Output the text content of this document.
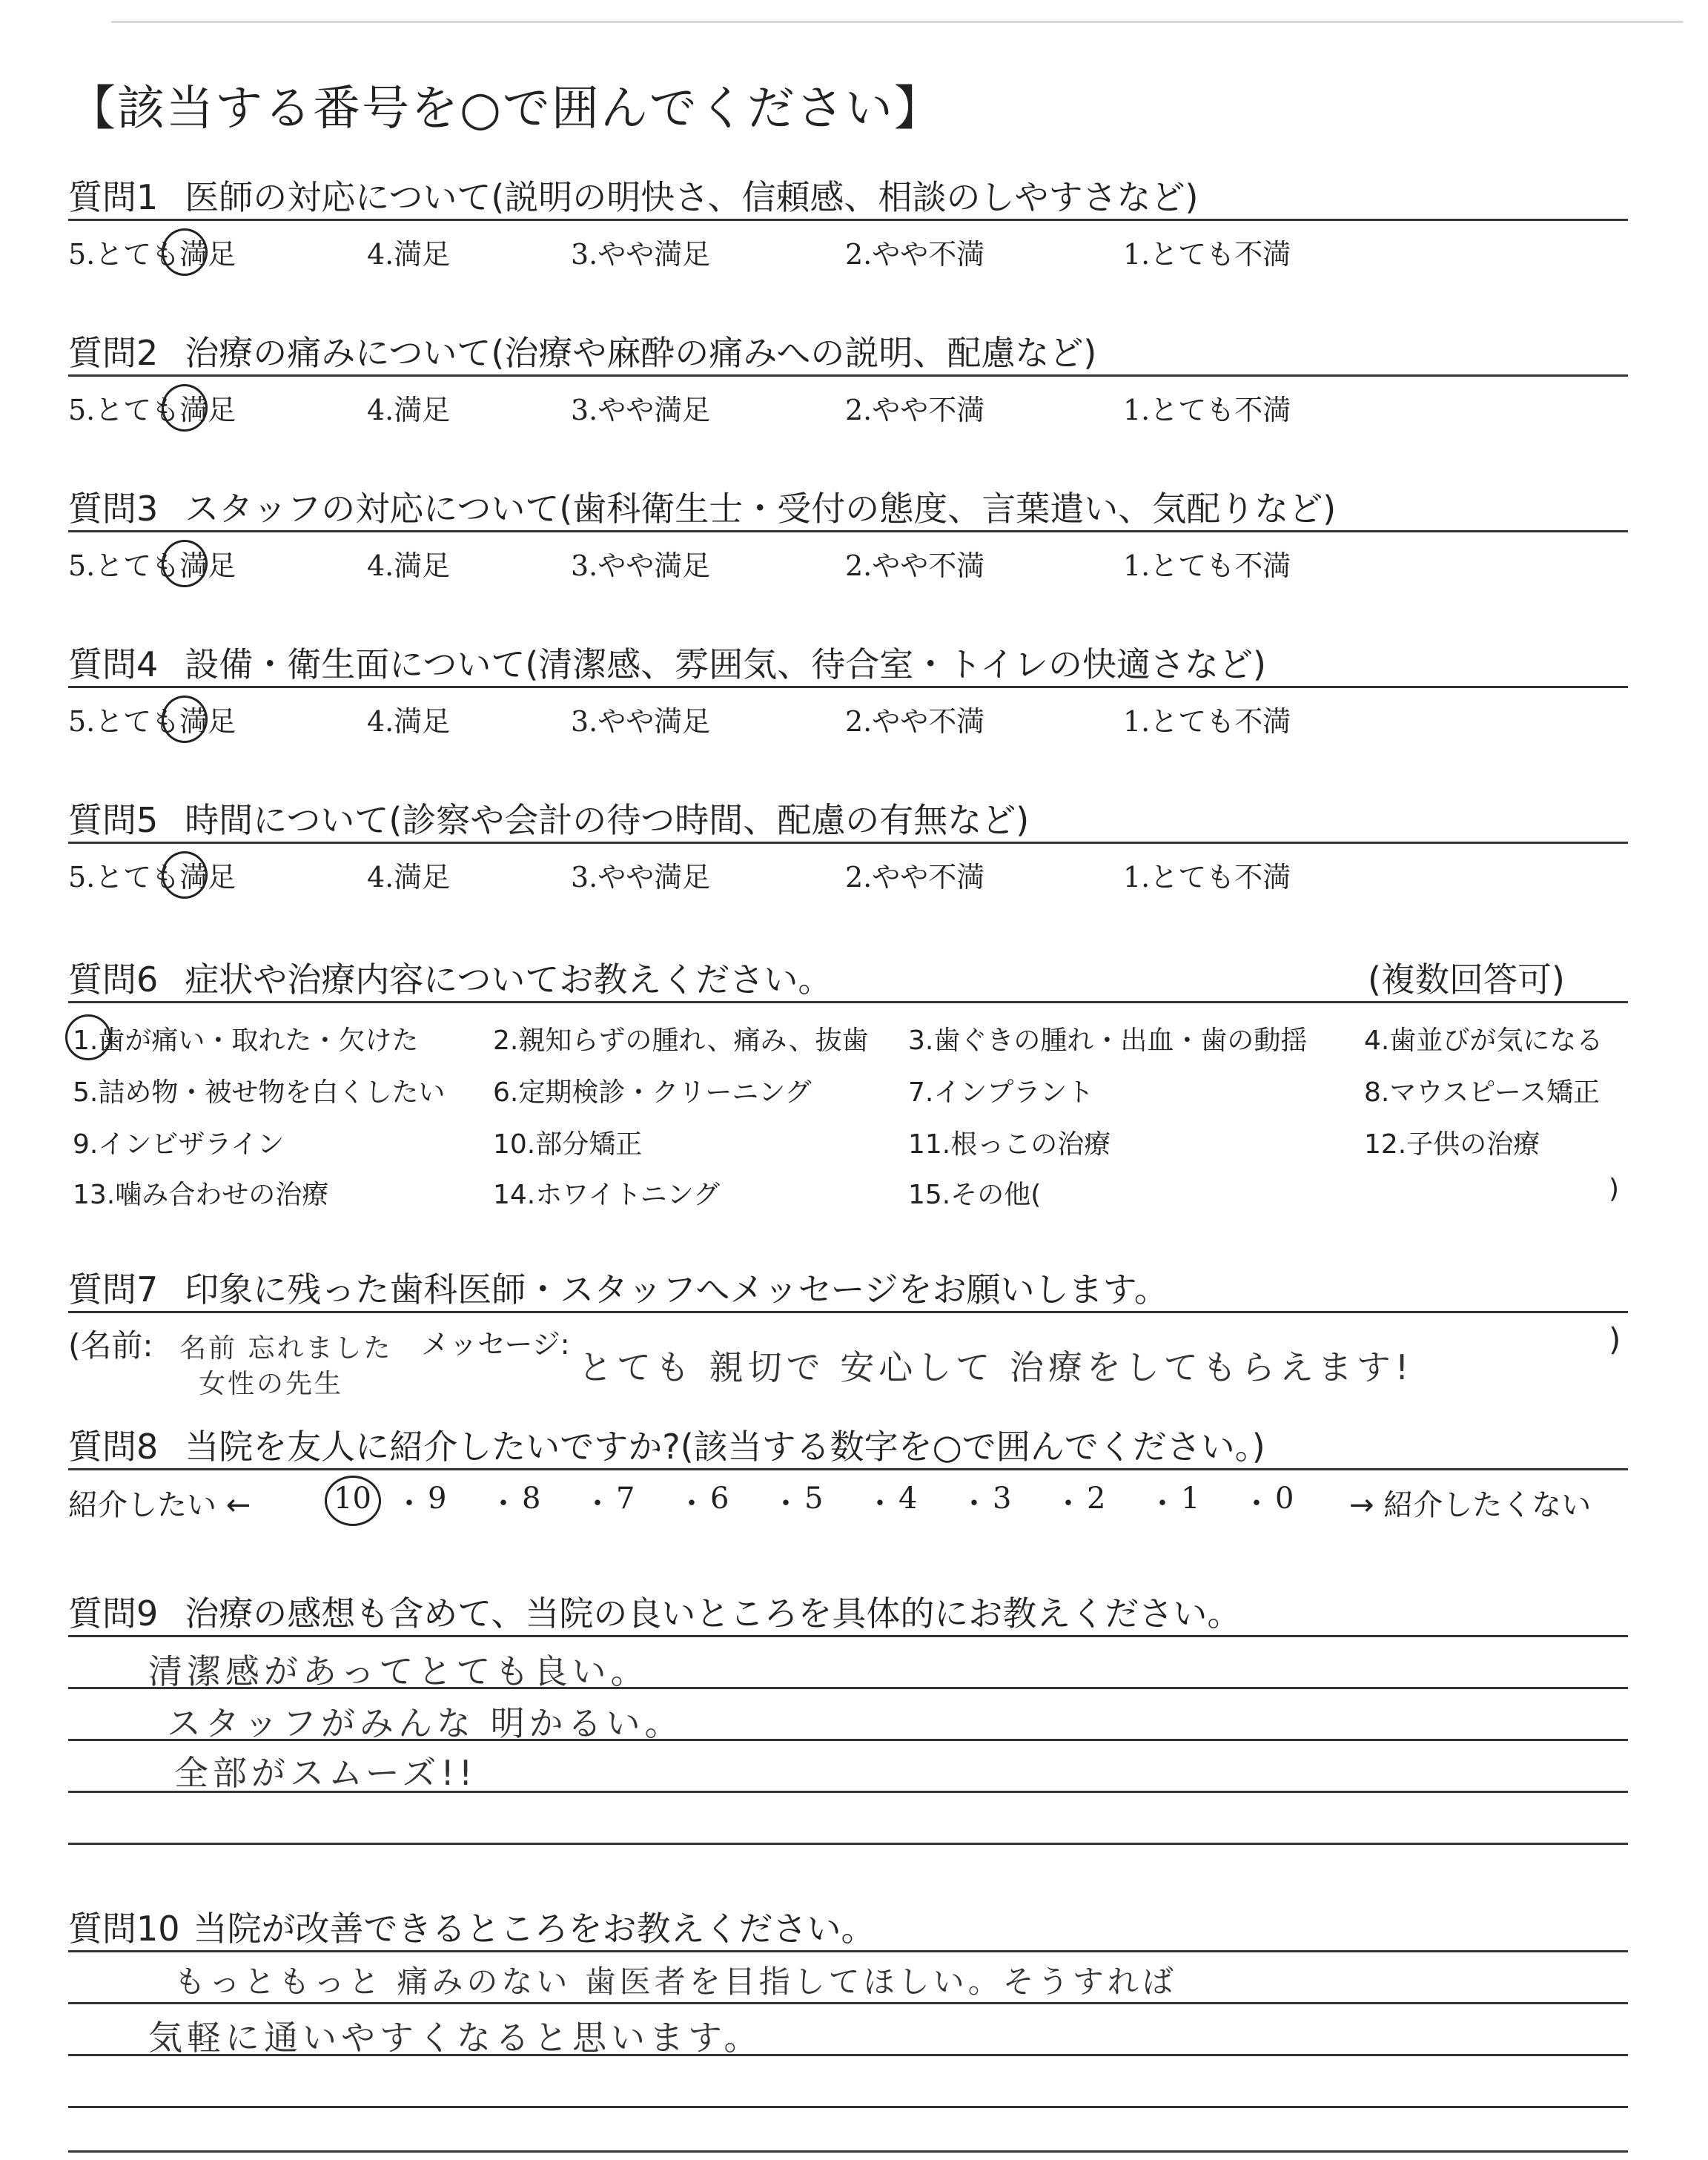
【該当する番号を○で囲んでください】
質問1 医師の対応について(説明の明快さ、信頼感、相談のしやすさなど)
5.とても満足	4.満足	3.やや満足	2.やや不満	1.とても不満
質問2 治療の痛みについて(治療や麻酔の痛みへの説明、配慮など)
5.とても満足	4.満足	3.やや満足	2.やや不満	1.とても不満
質問3 スタッフの対応について(歯科衛生士・受付の態度、言葉遣い、気配りなど)
5.とても満足	4.満足	3.やや満足	2.やや不満	1.とても不満
質問4 設備・衛生面について(清潔感、雰囲気、待合室・トイレの快適さなど)
5.とても満足	4.満足	3.やや満足	2.やや不満	1.とても不満
質問5 時間について(診察や会計の待つ時間、配慮の有無など)
5.とても満足	4.満足	3.やや満足	2.やや不満	1.とても不満
質問6 症状や治療内容についてお教えください。	(複数回答可)
1.歯が痛い・取れた・欠けた	2.親知らずの腫れ、痛み、抜歯 3.歯ぐきの腫れ・出血・歯の動揺 4.歯並びが気になる
5.詰め物・被せ物を白くしたい 6.定期検診・クリーニング	7.インプラント	8.マウスピース矯正
9.インビザライン	10.部分矯正	11.根っこの治療	12.子供の治療
13.噛み合わせの治療	14.ホワイトニング	15.その他(	)
質問7 印象に残った歯科医師・スタッフへメッセージをお願いします。
(名前: 名前 忘れました
女性の先生
メッセージ:
とても 親切で 安心して 治療をしてもらえます!
)
質問8 当院を友人に紹介したいですか?(該当する数字を○で囲んでください。)
紹介したい ←	→ 紹介したくない
10 ・ 9 ・ 8 ・ 7 ・ 6 ・ 5 ・ 4 ・ 3 ・ 2 ・ 1 ・ 0
質問9 治療の感想も含めて、当院の良いところを具体的にお教えください。
清潔感があってとても良い。
スタッフがみんな 明かるい。
全部がスムーズ!!
質問10 当院が改善できるところをお教えください。
もっともっと 痛みのない 歯医者を目指してほしい。そうすれば
気軽に通いやすくなると思います。
